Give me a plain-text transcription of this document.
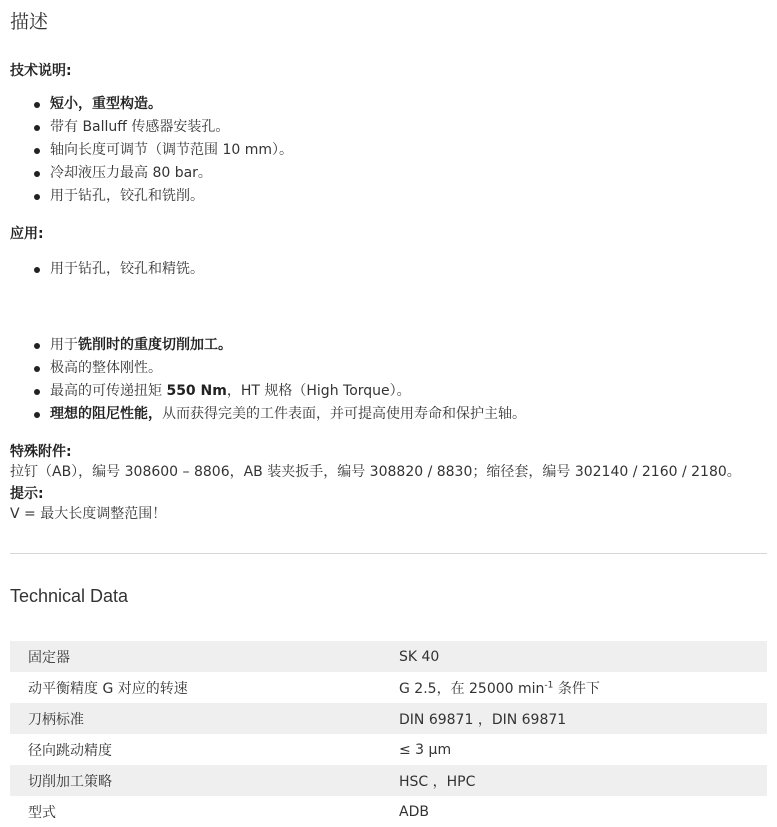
描述
技术说明:
短小，重型构造。
带有 Balluff 传感器安装孔。
轴向长度可调节（调节范围 10 mm）。
冷却液压力最高 80 bar。
用于钻孔，铰孔和铣削。
应用:
用于钻孔，铰孔和精铣。
用于铣削时的重度切削加工。
极高的整体刚性。
最高的可传递扭矩 550 Nm，HT 规格（High Torque）。
理想的阻尼性能，从而获得完美的工件表面，并可提高使用寿命和保护主轴。
特殊附件:

拉钉（AB），编号 308600 – 8806，AB 装夹扳手，编号 308820 / 8830；缩径套，编号 302140 / 2160 / 2180。

提示:

V = 最大长度调整范围！

Technical Data
固定器	SK 40
动平衡精度 G 对应的转速	G 2.5，在 25000 $\min^{-1}$ 条件下
刀柄标准	DIN 69871 ，DIN 69871
径向跳动精度	≤ 3 µm
切削加工策略	HSC ，HPC
型式	ADB
